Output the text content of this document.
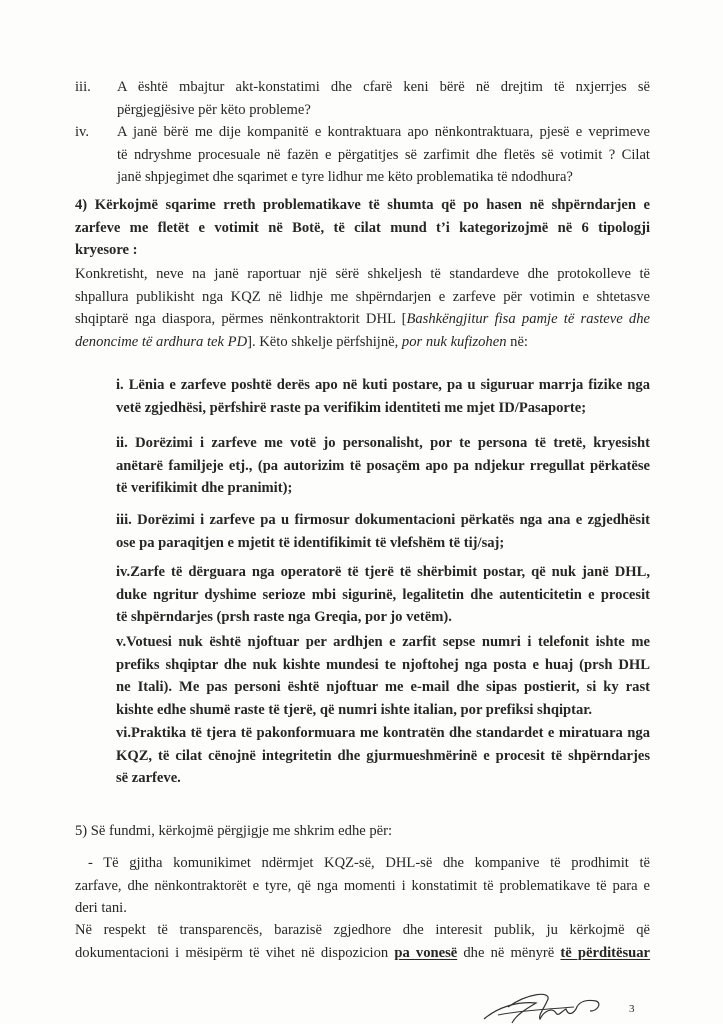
iii. A është mbajtur akt-konstatimi dhe cfarë keni bërë në drejtim të nxjerrjes së
përgjegjësive për këto probleme?
iv. A janë bërë me dije kompanitë e kontraktuara apo nënkontraktuara, pjesë e veprimeve
të ndryshme procesuale në fazën e përgatitjes së zarfimit dhe fletës së votimit ? Cilat
janë shpjegimet dhe sqarimet e tyre lidhur me këto problematika të ndodhura?
4) Kërkojmë sqarime rreth problematikave të shumta që po hasen në shpërndarjen e
zarfeve me fletët e votimit në Botë, të cilat mund t’i kategorizojmë në 6 tipologji
kryesore :
Konkretisht, neve na janë raportuar një sërë shkeljesh të standardeve dhe protokolleve të
shpallura publikisht nga KQZ në lidhje me shpërndarjen e zarfeve për votimin e shtetasve
shqiptarë nga diaspora, përmes nënkontraktorit DHL [Bashkëngjitur fisa pamje të rasteve dhe
denoncime të ardhura tek PD]. Këto shkelje përfshijnë, por nuk kufizohen në:
i. Lënia e zarfeve poshtë derës apo në kuti postare, pa u siguruar marrja fizike nga
vetë zgjedhësi, përfshirë raste pa verifikim identiteti me mjet ID/Pasaporte;
ii. Dorëzimi i zarfeve me votë jo personalisht, por te persona të tretë, kryesisht
anëtarë familjeje etj., (pa autorizim të posaçëm apo pa ndjekur rregullat përkatëse
të verifikimit dhe pranimit);
iii. Dorëzimi i zarfeve pa u firmosur dokumentacioni përkatës nga ana e zgjedhësit
ose pa paraqitjen e mjetit të identifikimit të vlefshëm të tij/saj;
iv.Zarfe të dërguara nga operatorë të tjerë të shërbimit postar, që nuk janë DHL,
duke ngritur dyshime serioze mbi sigurinë, legalitetin dhe autenticitetin e procesit
të shpërndarjes (prsh raste nga Greqia, por jo vetëm).
v.Votuesi nuk është njoftuar per ardhjen e zarfit sepse numri i telefonit ishte me
prefiks shqiptar dhe nuk kishte mundesi te njoftohej nga posta e huaj (prsh DHL
ne Itali). Me pas personi është njoftuar me e-mail dhe sipas postierit, si ky rast
kishte edhe shumë raste të tjerë, që numri ishte italian, por prefiksi shqiptar.
vi.Praktika të tjera të pakonformuara me kontratën dhe standardet e miratuara nga
KQZ, të cilat cënojnë integritetin dhe gjurmueshmërinë e procesit të shpërndarjes
së zarfeve.
5) Së fundmi, kërkojmë përgjigje me shkrim edhe për:
- Të gjitha komunikimet ndërmjet KQZ-së, DHL-së dhe kompanive të prodhimit të
zarfave, dhe nënkontraktorët e tyre, që nga momenti i konstatimit të problematikave të para e
deri tani.
Në respekt të transparencës, barazisë zgjedhore dhe interesit publik, ju kërkojmë që
dokumentacioni i mësipërm të vihet në dispozicion pa vonesë dhe në mënyrë të përditësuar
3
